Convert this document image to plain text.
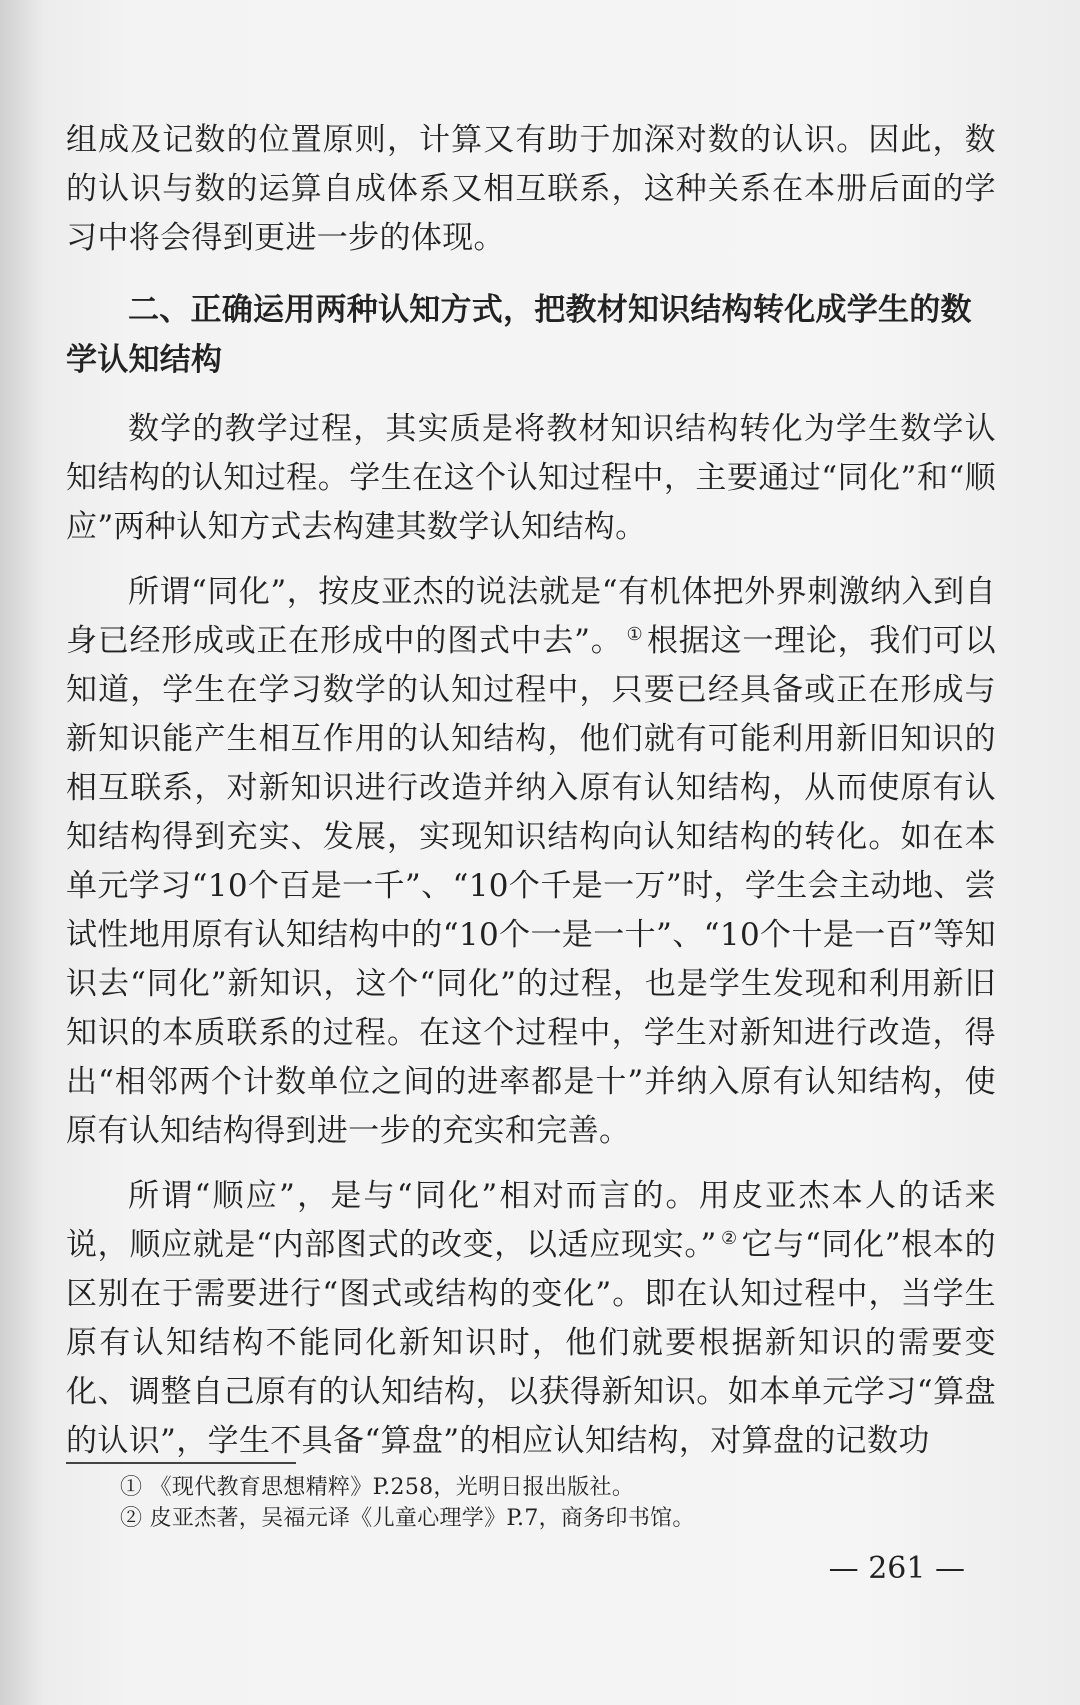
组成及记数的位置原则，计算又有助于加深对数的认识。因此，数的认识与数的运算自成体系又相互联系，这种关系在本册后面的学习中将会得到更进一步的体现。

二、正确运用两种认知方式，把教材知识结构转化成学生的数学认知结构

数学的教学过程，其实质是将教材知识结构转化为学生数学认知结构的认知过程。学生在这个认知过程中，主要通过“同化”和“顺应”两种认知方式去构建其数学认知结构。

所谓“同化”，按皮亚杰的说法就是“有机体把外界刺激纳入到自身已经形成或正在形成中的图式中去”。 ① 根据这一理论，我们可以知道，学生在学习数学的认知过程中，只要已经具备或正在形成与新知识能产生相互作用的认知结构，他们就有可能利用新旧知识的相互联系，对新知识进行改造并纳入原有认知结构，从而使原有认知结构得到充实、发展，实现知识结构向认知结构的转化。如在本单元学习“10个百是一千”、“10个千是一万”时，学生会主动地、尝试性地用原有认知结构中的“10个一是一十”、“10个十是一百”等知识去“同化”新知识，这个“同化”的过程，也是学生发现和利用新旧知识的本质联系的过程。在这个过程中，学生对新知进行改造，得出“相邻两个计数单位之间的进率都是十”并纳入原有认知结构，使原有认知结构得到进一步的充实和完善。

所谓“顺应”，是与“同化”相对而言的。用皮亚杰本人的话来说，顺应就是“内部图式的改变，以适应现实。” ② 它与“同化”根本的区别在于需要进行“图式或结构的变化”。即在认知过程中，当学生原有认知结构不能同化新知识时，他们就要根据新知识的需要变化、调整自己原有的认知结构，以获得新知识。如本单元学习“算盘的认识”，学生不具备“算盘”的相应认知结构，对算盘的记数功

① 《现代教育思想精粹》P.258，光明日报出版社。
② 皮亚杰著，吴福元译《儿童心理学》P.7，商务印书馆。
— 261 —
